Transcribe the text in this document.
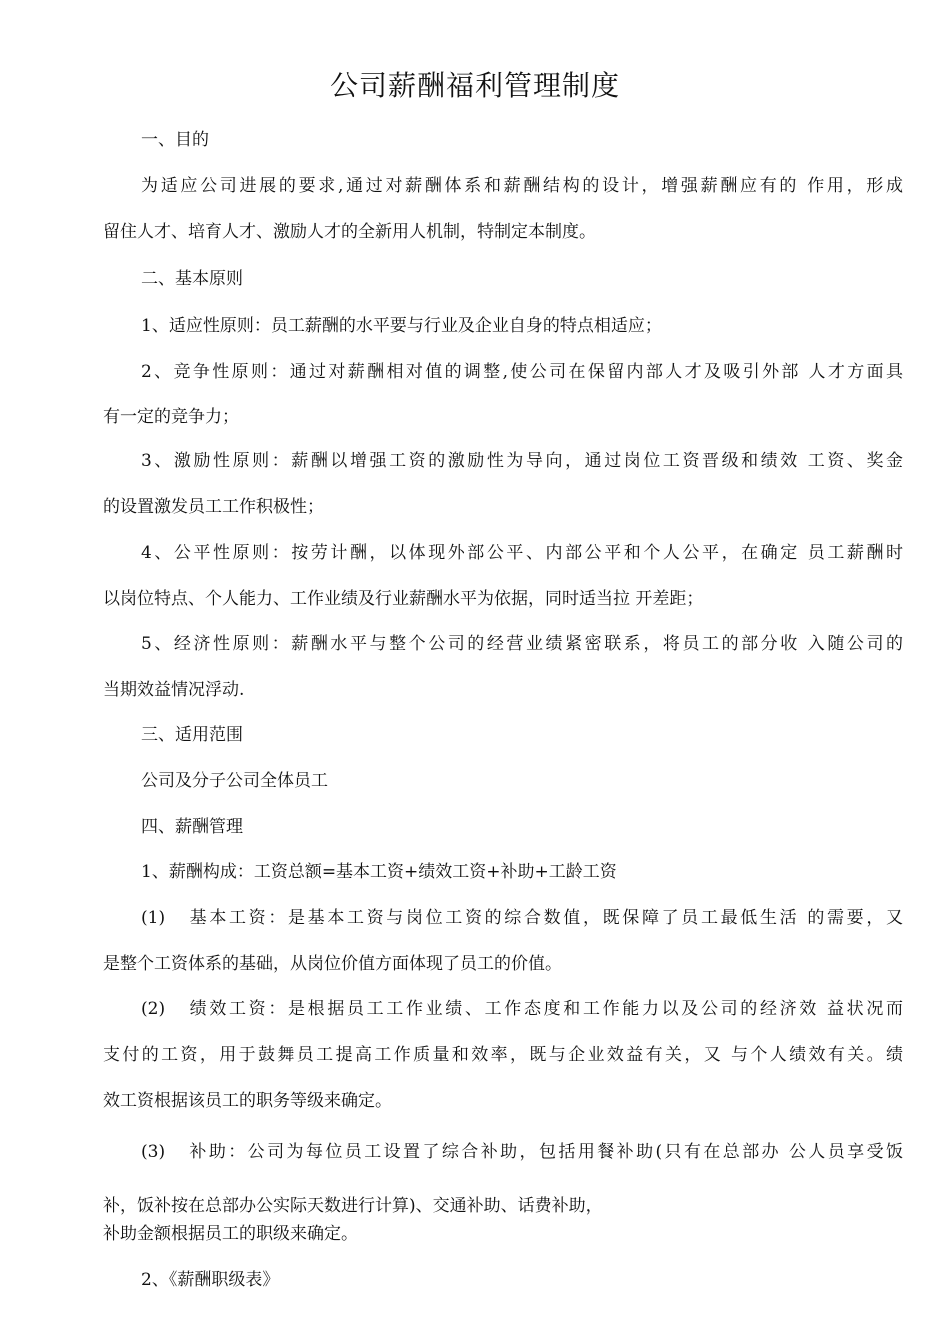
公司薪酬福利管理制度
一、目的
为适应公司进展的要求,通过对薪酬体系和薪酬结构的设计，增强薪酬应有的 作用，形成
留住人才、培育人才、激励人才的全新用人机制，特制定本制度。
二、基本原则
1、适应性原则：员工薪酬的水平要与行业及企业自身的特点相适应；
2、竞争性原则：通过对薪酬相对值的调整,使公司在保留内部人才及吸引外部 人才方面具
有一定的竞争力；
3、激励性原则：薪酬以增强工资的激励性为导向，通过岗位工资晋级和绩效 工资、奖金
的设置激发员工工作积极性；
4、公平性原则：按劳计酬，以体现外部公平、内部公平和个人公平，在确定 员工薪酬时
以岗位特点、个人能力、工作业绩及行业薪酬水平为依据，同时适当拉 开差距；
5、经济性原则：薪酬水平与整个公司的经营业绩紧密联系，将员工的部分收 入随公司的
当期效益情况浮动.
三、适用范围
公司及分子公司全体员工
四、薪酬管理
1、薪酬构成：工资总额=基本工资+绩效工资+补助+工龄工资
(1) 基本工资：是基本工资与岗位工资的综合数值，既保障了员工最低生活 的需要，又
是整个工资体系的基础，从岗位价值方面体现了员工的价值。
(2) 绩效工资：是根据员工工作业绩、工作态度和工作能力以及公司的经济效 益状况而
支付的工资，用于鼓舞员工提高工作质量和效率，既与企业效益有关，又 与个人绩效有关。绩
效工资根据该员工的职务等级来确定。
(3) 补助：公司为每位员工设置了综合补助，包括用餐补助(只有在总部办 公人员享受饭
补，饭补按在总部办公实际天数进行计算)、交通补助、话费补助，
补助金额根据员工的职级来确定。
2、《薪酬职级表》
